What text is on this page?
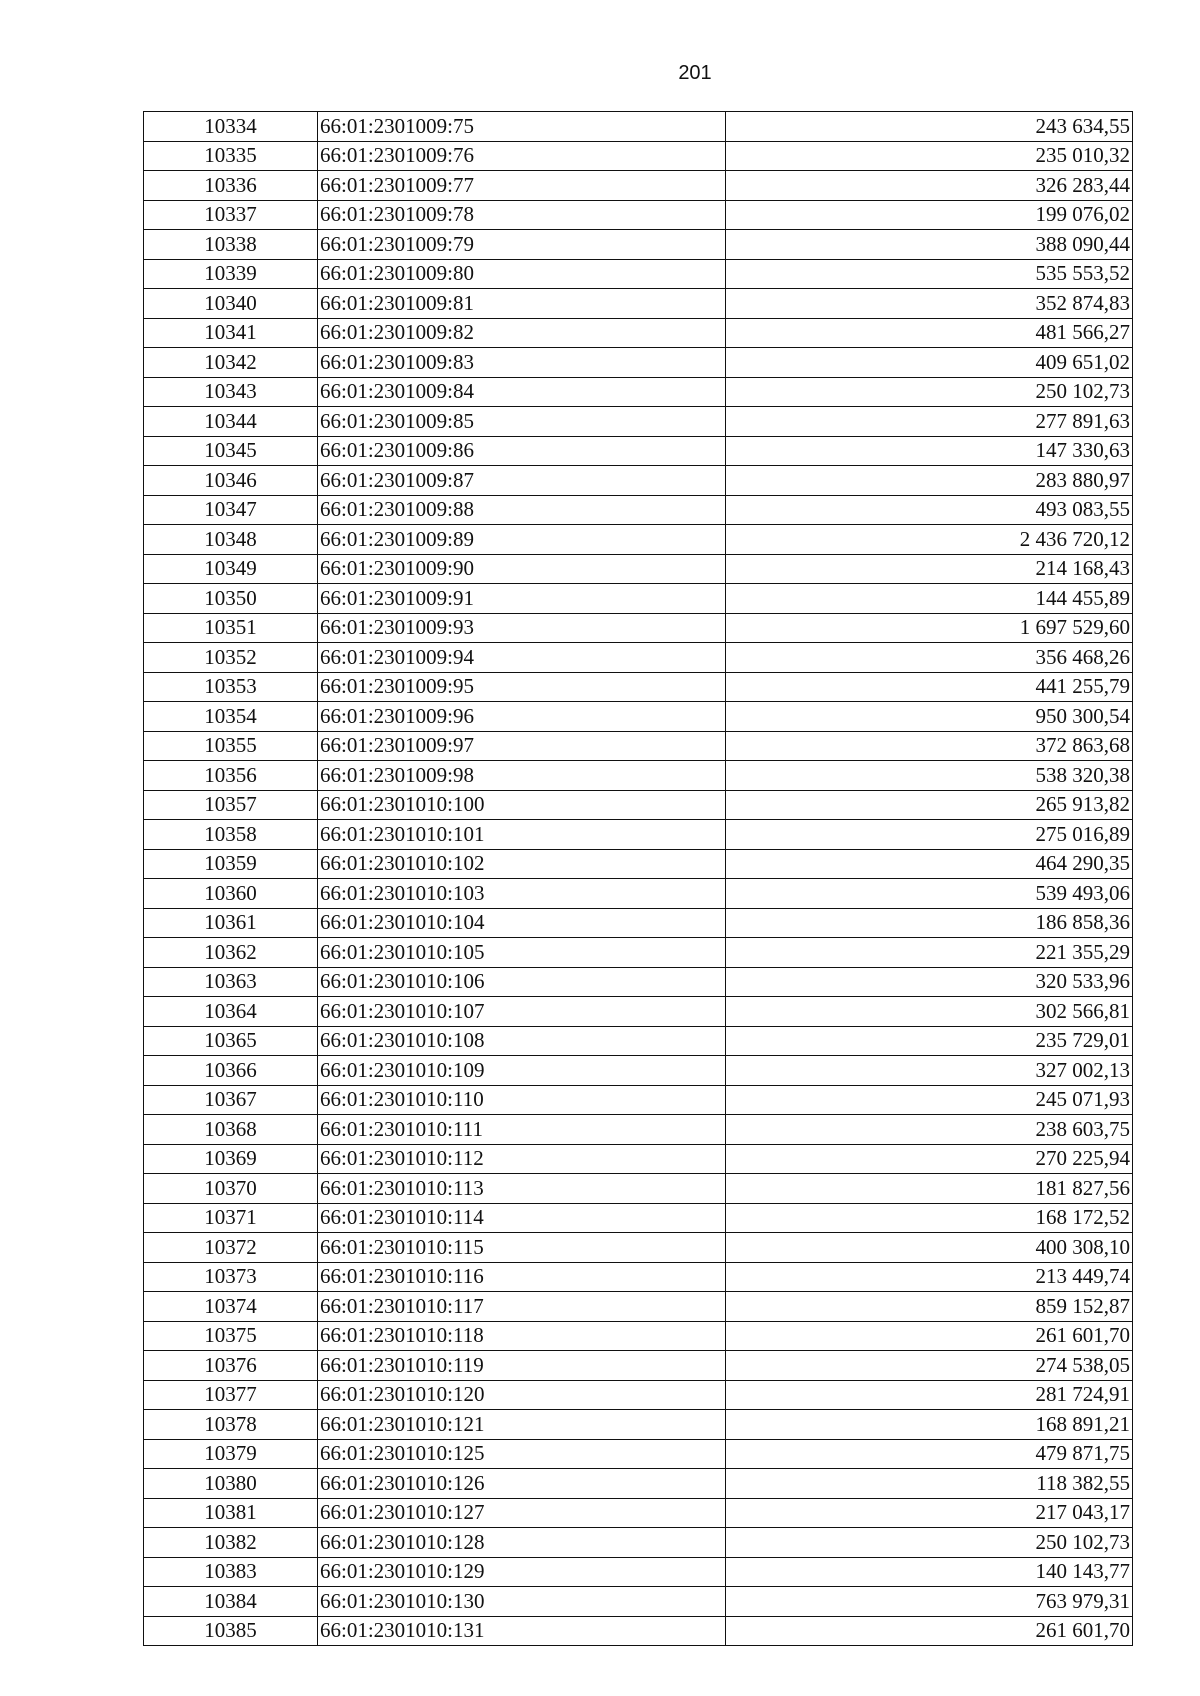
201
10334	66:01:2301009:75	243 634,55
10335	66:01:2301009:76	235 010,32
10336	66:01:2301009:77	326 283,44
10337	66:01:2301009:78	199 076,02
10338	66:01:2301009:79	388 090,44
10339	66:01:2301009:80	535 553,52
10340	66:01:2301009:81	352 874,83
10341	66:01:2301009:82	481 566,27
10342	66:01:2301009:83	409 651,02
10343	66:01:2301009:84	250 102,73
10344	66:01:2301009:85	277 891,63
10345	66:01:2301009:86	147 330,63
10346	66:01:2301009:87	283 880,97
10347	66:01:2301009:88	493 083,55
10348	66:01:2301009:89	2 436 720,12
10349	66:01:2301009:90	214 168,43
10350	66:01:2301009:91	144 455,89
10351	66:01:2301009:93	1 697 529,60
10352	66:01:2301009:94	356 468,26
10353	66:01:2301009:95	441 255,79
10354	66:01:2301009:96	950 300,54
10355	66:01:2301009:97	372 863,68
10356	66:01:2301009:98	538 320,38
10357	66:01:2301010:100	265 913,82
10358	66:01:2301010:101	275 016,89
10359	66:01:2301010:102	464 290,35
10360	66:01:2301010:103	539 493,06
10361	66:01:2301010:104	186 858,36
10362	66:01:2301010:105	221 355,29
10363	66:01:2301010:106	320 533,96
10364	66:01:2301010:107	302 566,81
10365	66:01:2301010:108	235 729,01
10366	66:01:2301010:109	327 002,13
10367	66:01:2301010:110	245 071,93
10368	66:01:2301010:111	238 603,75
10369	66:01:2301010:112	270 225,94
10370	66:01:2301010:113	181 827,56
10371	66:01:2301010:114	168 172,52
10372	66:01:2301010:115	400 308,10
10373	66:01:2301010:116	213 449,74
10374	66:01:2301010:117	859 152,87
10375	66:01:2301010:118	261 601,70
10376	66:01:2301010:119	274 538,05
10377	66:01:2301010:120	281 724,91
10378	66:01:2301010:121	168 891,21
10379	66:01:2301010:125	479 871,75
10380	66:01:2301010:126	118 382,55
10381	66:01:2301010:127	217 043,17
10382	66:01:2301010:128	250 102,73
10383	66:01:2301010:129	140 143,77
10384	66:01:2301010:130	763 979,31
10385	66:01:2301010:131	261 601,70
